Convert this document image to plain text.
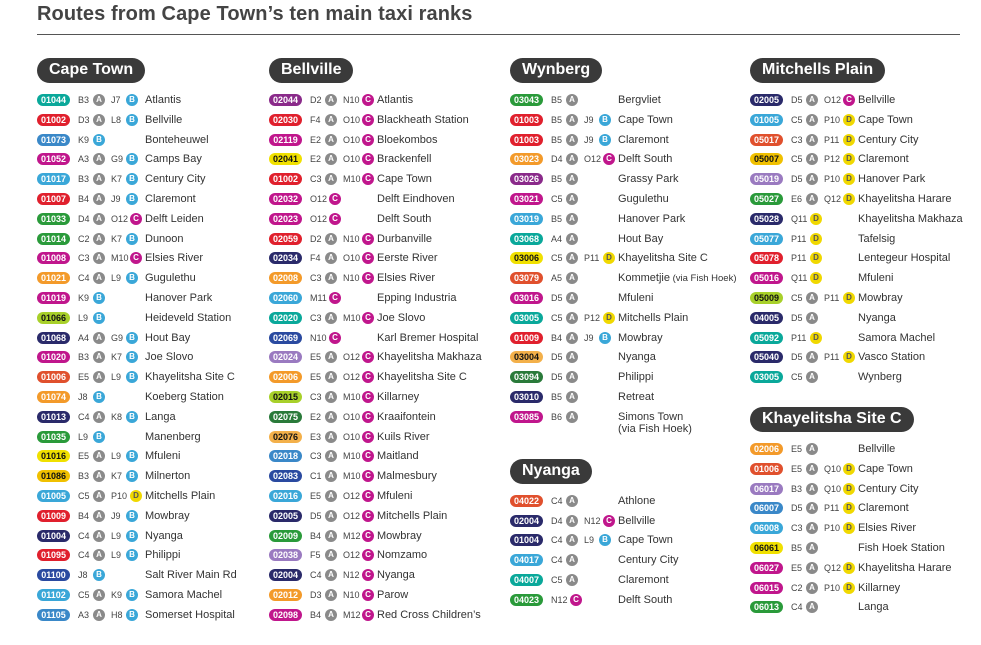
Routes from Cape Town’s ten main taxi ranks
Cape Town
01044	B3 A	J7	B Atlantis
01002	D3 A	L8	B Bellville
01073	K9 B	Bonteheuwel
01052	A3 A	G9 B Camps Bay
01017	B3 A	K7 B Century City
01007	B4 A	J9	B Claremont
01033	D4 A	O12 C Delft Leiden
01014	C2 A	K7 B Dunoon
01008	C3 A	M10 C Elsies River
01021	C4 A	L9	B Gugulethu
01019	K9 B	Hanover Park
01066	L9	B	Heideveld Station
01068	A4 A	G9 B Hout Bay
01020	B3 A	K7 B Joe Slovo
01006	E5 A	L9	B Khayelitsha Site C
01074	J8	B	Koeberg Station
01013	C4 A	K8 B Langa
01035	L9	B	Manenberg
01016	E5 A	L9	B Mfuleni
01086	B3 A	K7 B Milnerton
01005	C5 A	P10 D Mitchells Plain
01009	B4 A	J9	B Mowbray
01004	C4 A	L9	B Nyanga
01095	C4 A	L9	B Philippi
01100	J8	B	Salt River Main Rd
01102	C5 A	K9 B Samora Machel
01105	A3 A	H8 B Somerset Hospital
Bellville
02044	D2 A	N10 C Atlantis
02030	F4 A	O10 C Blackheath Station
02119	E2 A	O10 C Bloekombos
02041	E2 A	O10 C Brackenfell
01002	C3 A	M10 C Cape Town
02032	O12 C	Delft Eindhoven
02023	O12 C	Delft South
02059	D2 A	N10 C Durbanville
02034	F4 A	O10 C Eerste River
02008	C3 A	N10 C Elsies River
02060	M11 C	Epping Industria
02020	C3 A	M10 C Joe Slovo
02069	N10 C	Karl Bremer Hospital
02024	E5 A	O12 C Khayelitsha Makhaza
02006	E5 A	O12 C Khayelitsha Site C
02015	C3 A	M10 C Killarney
02075	E2 A	O10 C Kraaifontein
02076	E3 A	O10 C Kuils River
02018	C3 A	M10 C Maitland
02083	C1 A	M10 C Malmesbury
02016	E5 A	O12 C Mfuleni
02005	D5 A	O12 C Mitchells Plain
02009	B4 A	M12 C Mowbray
02038	F5 A	O12 C Nomzamo
02004	C4 A	N12 C Nyanga
02012	D3 A	N10 C Parow
02098	B4 A	M12 C Red Cross Children’s
Wynberg
03043	B5 A	Bergvliet
01003	B5 A	J9	B Cape Town
01003	B5 A	J9	B Claremont
03023	D4 A	O12 C Delft South
03026	B5 A	Grassy Park
03021	C5 A	Gugulethu
03019	B5 A	Hanover Park
03068	A4 A	Hout Bay
03006	C5 A	P11 D Khayelitsha Site C
03079	A5 A	Kommetjie (via Fish Hoek)
03016	D5 A	Mfuleni
03005	C5 A	P12 D Mitchells Plain
01009	B4 A	J9	B Mowbray
03004	D5 A	Nyanga
03094	D5 A	Philippi
03010	B5 A	Retreat
03085	B6 A	Simons Town
(via Fish Hoek)
Nyanga
04022	C4 A	Athlone
02004	D4 A	N12 C Bellville
01004	C4 A	L9	B Cape Town
04017	C4 A	Century City
04007	C5 A	Claremont
04023	N12 C	Delft South
Mitchells Plain
02005	D5 A	O12 C Bellville
01005	C5 A	P10 D Cape Town
05017	C3 A	P11 D Century City
05007	C5 A	P12 D Claremont
05019	D5 A	P10 D Hanover Park
05027	E6 A	Q12 D Khayelitsha Harare
05028	Q11 D	Khayelitsha Makhaza
05077	P11 D	Tafelsig
05078	P11 D	Lentegeur Hospital
05016	Q11 D	Mfuleni
05009	C5 A	P11 D Mowbray
04005	D5 A	Nyanga
05092	P11 D	Samora Machel
05040	D5 A	P11 D Vasco Station
03005	C5 A	Wynberg
Khayelitsha Site C
02006	E5 A	Bellville
01006	E5 A	Q10 D Cape Town
06017	B3 A	Q10 D Century City
06007	D5 A	P11 D Claremont
06008	C3 A	P10 D Elsies River
06061	B5 A	Fish Hoek Station
06027	E5 A	Q12 D Khayelitsha Harare
06015	C2 A	P10 D Killarney
06013	C4 A	Langa
